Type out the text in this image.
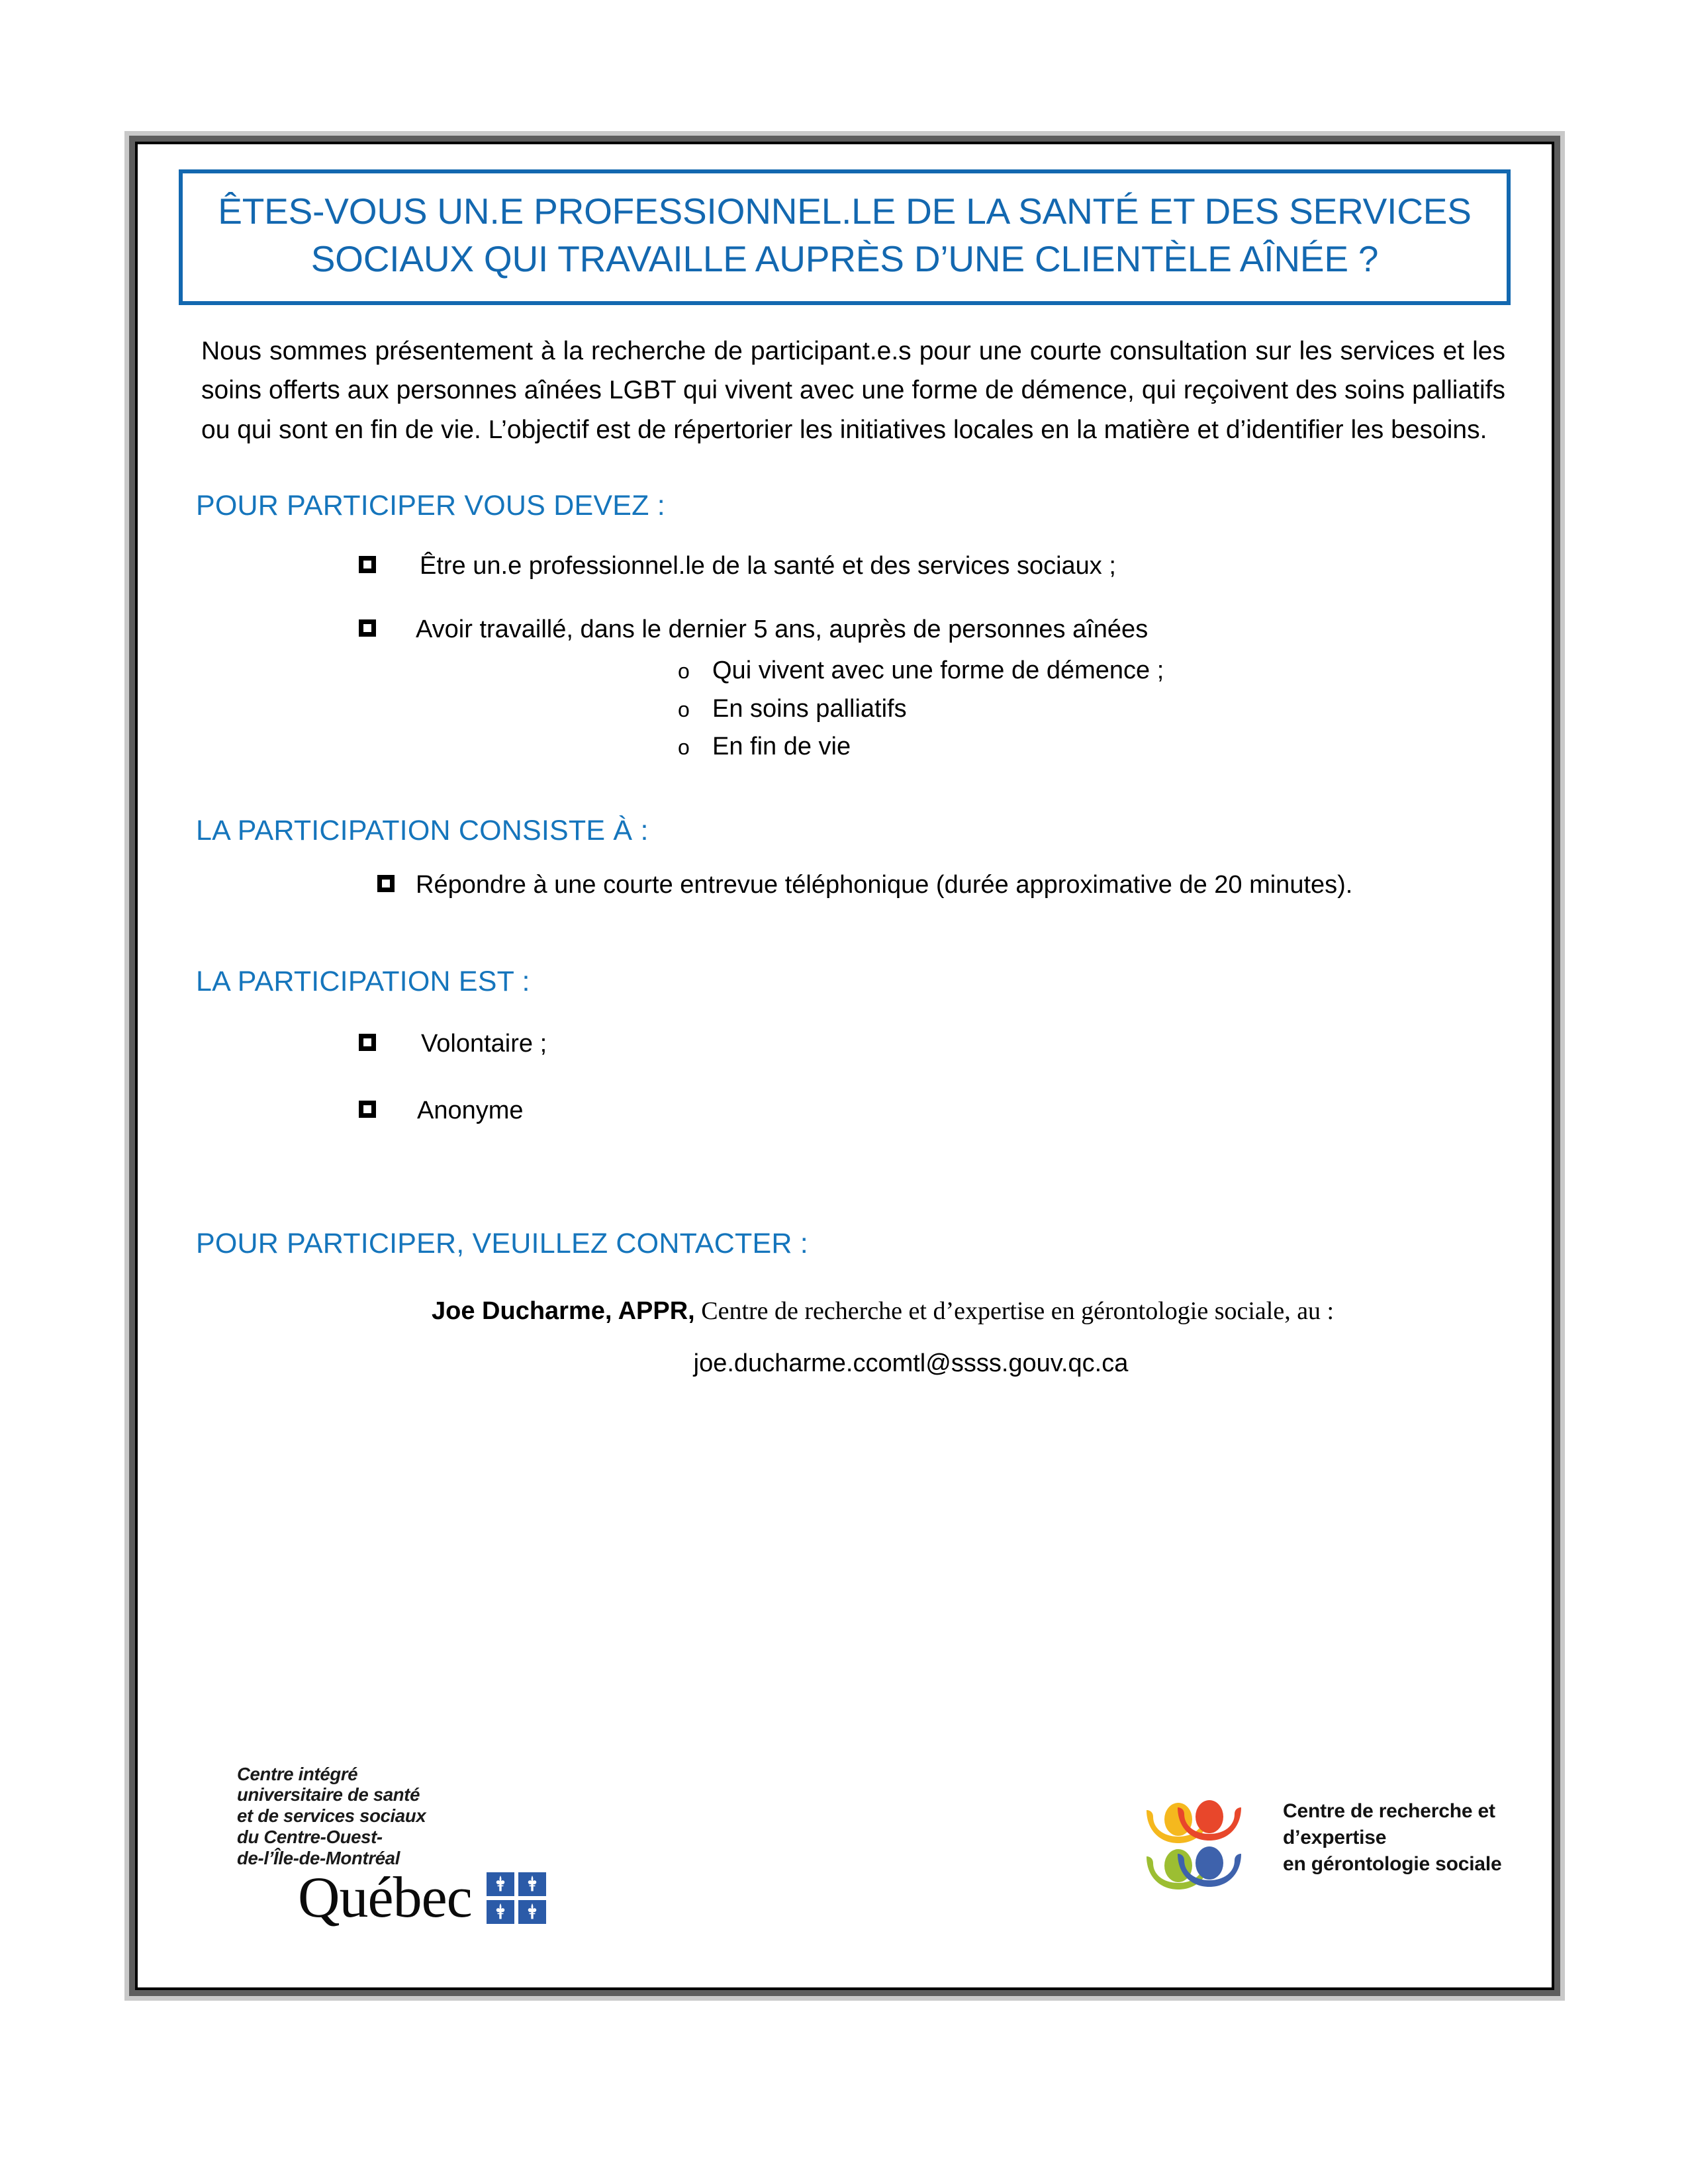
ÊTES-VOUS UN.E PROFESSIONNEL.LE DE LA SANTÉ ET DES SERVICES SOCIAUX QUI TRAVAILLE AUPRÈS D’UNE CLIENTÈLE AÎNÉE ?
Nous sommes présentement à la recherche de participant.e.s pour une courte consultation sur les services et les soins offerts aux personnes aînées LGBT qui vivent avec une forme de démence, qui reçoivent des soins palliatifs ou qui sont en fin de vie. L’objectif est de répertorier les initiatives locales en la matière et d’identifier les besoins.
POUR PARTICIPER VOUS DEVEZ :
Être un.e professionnel.le de la santé et des services sociaux ;
Avoir travaillé, dans le dernier 5 ans, auprès de personnes aînées
o Qui vivent avec une forme de démence ;
o En soins palliatifs
o En fin de vie
LA PARTICIPATION CONSISTE À :
Répondre à une courte entrevue téléphonique (durée approximative de 20 minutes).
LA PARTICIPATION EST :
Volontaire ;
Anonyme
POUR PARTICIPER, VEUILLEZ CONTACTER :
Joe Ducharme, APPR, Centre de recherche et d’expertise en gérontologie sociale, au :
joe.ducharme.ccomtl@ssss.gouv.qc.ca
Centre intégré
universitaire de santé
et de services sociaux
du Centre-Ouest-
de-l’Île-de-Montréal
Québec
Centre de recherche et d’expertise
en gérontologie sociale
